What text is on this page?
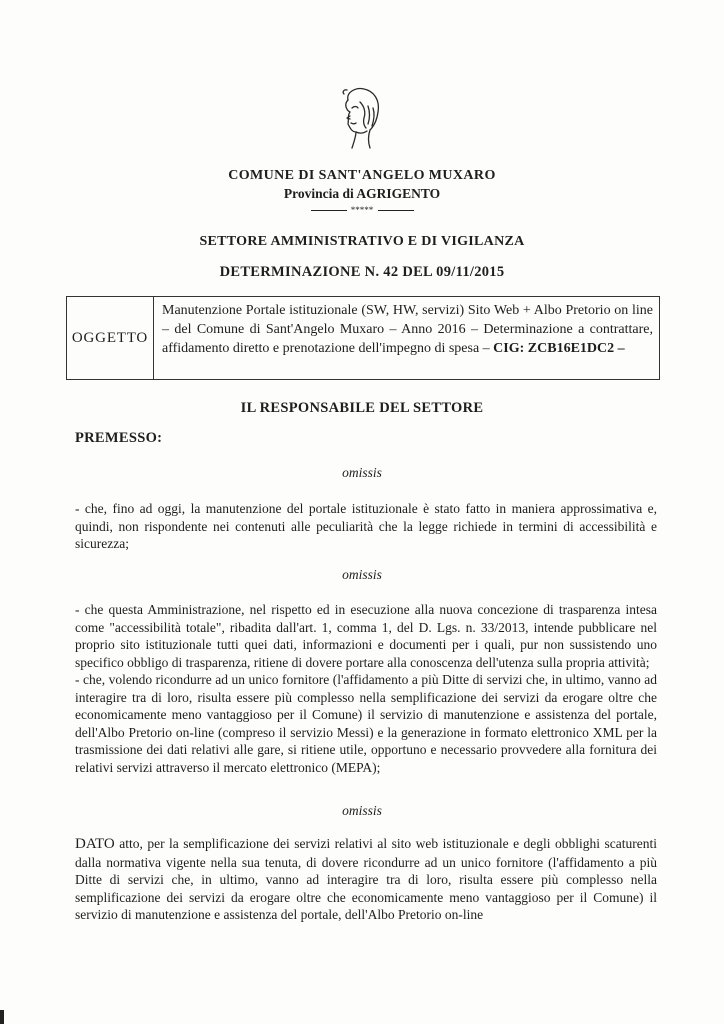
COMUNE DI SANT'ANGELO MUXARO
Provincia di AGRIGENTO
*****
SETTORE AMMINISTRATIVO E DI VIGILANZA
DETERMINAZIONE N. 42 DEL 09/11/2015
OGGETTO
Manutenzione Portale istituzionale (SW, HW, servizi) Sito Web + Albo Pretorio on line – del Comune di Sant'Angelo Muxaro – Anno 2016 – Determinazione a contrattare, affidamento diretto e prenotazione dell'impegno di spesa – CIG: ZCB16E1DC2 –
IL RESPONSABILE DEL SETTORE
PREMESSO:
omissis

- che, fino ad oggi, la manutenzione del portale istituzionale è stato fatto in maniera approssimativa e, quindi, non rispondente nei contenuti alle peculiarità che la legge richiede in termini di accessibilità e sicurezza;

omissis

- che questa Amministrazione, nel rispetto ed in esecuzione alla nuova concezione di trasparenza intesa come "accessibilità totale", ribadita dall'art. 1, comma 1, del D. Lgs. n. 33/2013, intende pubblicare nel proprio sito istituzionale tutti quei dati, informazioni e documenti per i quali, pur non sussistendo uno specifico obbligo di trasparenza, ritiene di dovere portare alla conoscenza dell'utenza sulla propria attività;

- che, volendo ricondurre ad un unico fornitore (l'affidamento a più Ditte di servizi che, in ultimo, vanno ad interagire tra di loro, risulta essere più complesso nella semplificazione dei servizi da erogare oltre che economicamente meno vantaggioso per il Comune) il servizio di manutenzione e assistenza del portale, dell'Albo Pretorio on-line (compreso il servizio Messi) e la generazione in formato elettronico XML per la trasmissione dei dati relativi alle gare, si ritiene utile, opportuno e necessario provvedere alla fornitura dei relativi servizi attraverso il mercato elettronico (MEPA);

omissis

DATO atto, per la semplificazione dei servizi relativi al sito web istituzionale e degli obblighi scaturenti dalla normativa vigente nella sua tenuta, di dovere ricondurre ad un unico fornitore (l'affidamento a più Ditte di servizi che, in ultimo, vanno ad interagire tra di loro, risulta essere più complesso nella semplificazione dei servizi da erogare oltre che economicamente meno vantaggioso per il Comune) il servizio di manutenzione e assistenza del portale, dell'Albo Pretorio on-line
